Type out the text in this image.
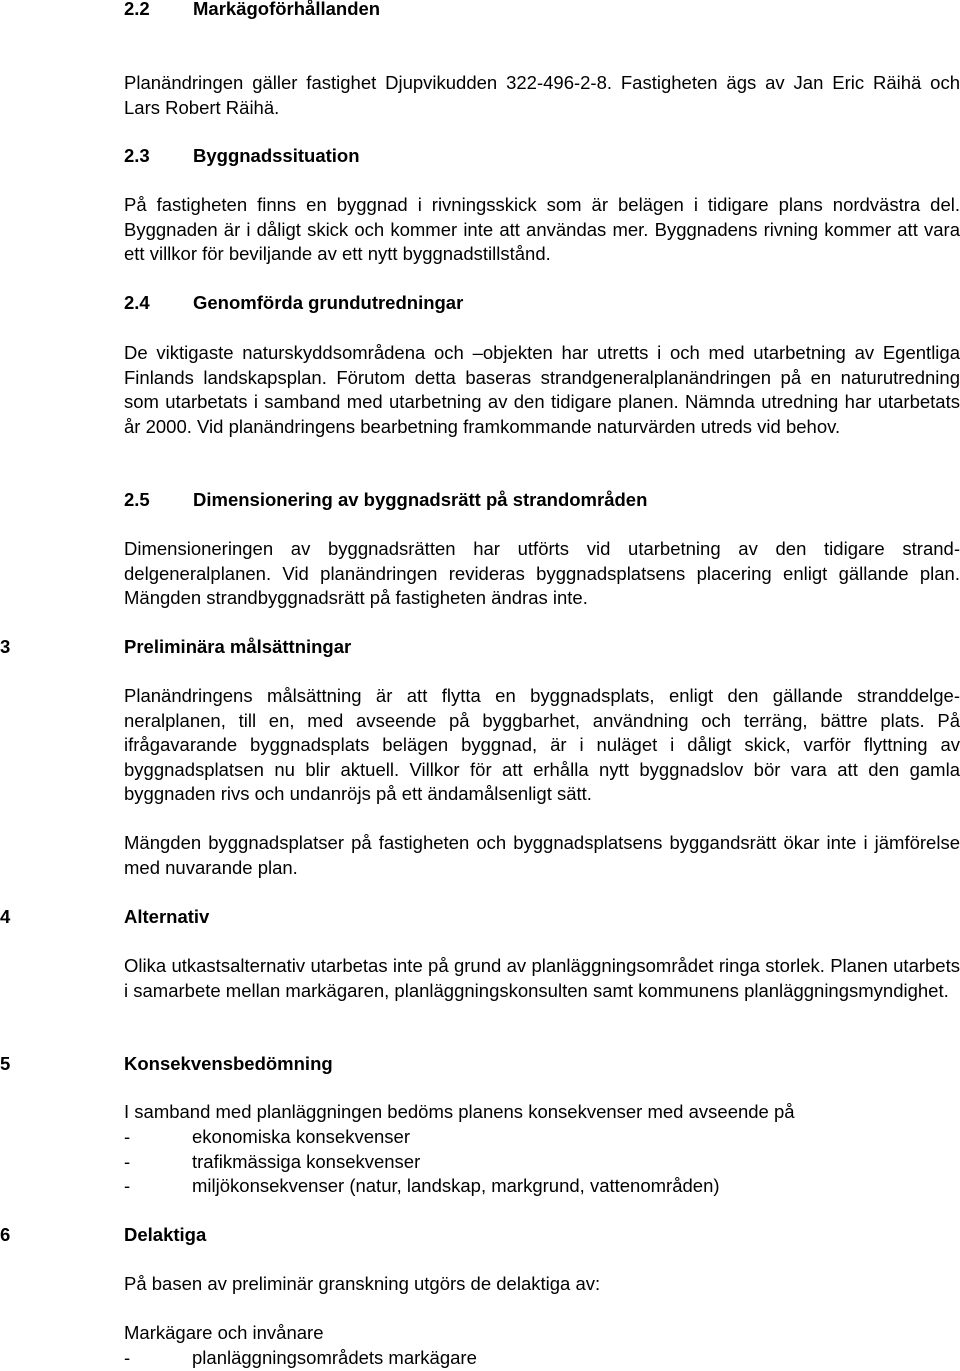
2.2 Markägoförhållanden
Planändringen gäller fastighet Djupvikudden 322-496-2-8. Fastigheten ägs av Jan Eric Räihä och Lars Robert Räihä.
2.3 Byggnadssituation
På fastigheten finns en byggnad i rivningsskick som är belägen i tidigare plans nordvästra del. Byggnaden är i dåligt skick och kommer inte att användas mer. Byggnadens rivning kommer att vara ett villkor för beviljande av ett nytt byggnadstillstånd.
2.4 Genomförda grundutredningar
De viktigaste naturskyddsområdena och –objekten har utretts i och med utarbetning av Egentliga Finlands landskapsplan. Förutom detta baseras strandgeneralplanändringen på en naturutredning som utarbetats i samband med utarbetning av den tidigare planen. Nämnda utredning har utarbetats år 2000. Vid planändringens bearbetning framkommande naturvärden utreds vid behov.
2.5 Dimensionering av byggnadsrätt på strandområden
Dimensioneringen av byggnadsrätten har utförts vid utarbetning av den tidigare stranddelgeneralplanen. Vid planändringen revideras byggnadsplatsens placering enligt gällande plan. Mängden strandbyggnadsrätt på fastigheten ändras inte.
3	Preliminära målsättningar
Planändringens målsättning är att flytta en byggnadsplats, enligt den gällande stranddelgeneralplanen, till en, med avseende på byggbarhet, användning och terräng, bättre plats. På ifrågavarande byggnadsplats belägen byggnad, är i nuläget i dåligt skick, varför flyttning av byggnadsplatsen nu blir aktuell. Villkor för att erhålla nytt byggnadslov bör vara att den gamla byggnaden rivs och undanröjs på ett ändamålsenligt sätt.
Mängden byggnadsplatser på fastigheten och byggnadsplatsens byggandsrätt ökar inte i jämförelse med nuvarande plan.
4	Alternativ
Olika utkastsalternativ utarbetas inte på grund av planläggningsområdet ringa storlek. Planen utarbets i samarbete mellan markägaren, planläggningskonsulten samt kommunens planläggningsmyndighet.
5	Konsekvensbedömning
I samband med planläggningen bedöms planens konsekvenser med avseende på
-	ekonomiska konsekvenser
-	trafikmässiga konsekvenser
-	miljökonsekvenser (natur, landskap, markgrund, vattenområden)
6	Delaktiga
På basen av preliminär granskning utgörs de delaktiga av:
Markägare och invånare
-	planläggningsområdets markägare
